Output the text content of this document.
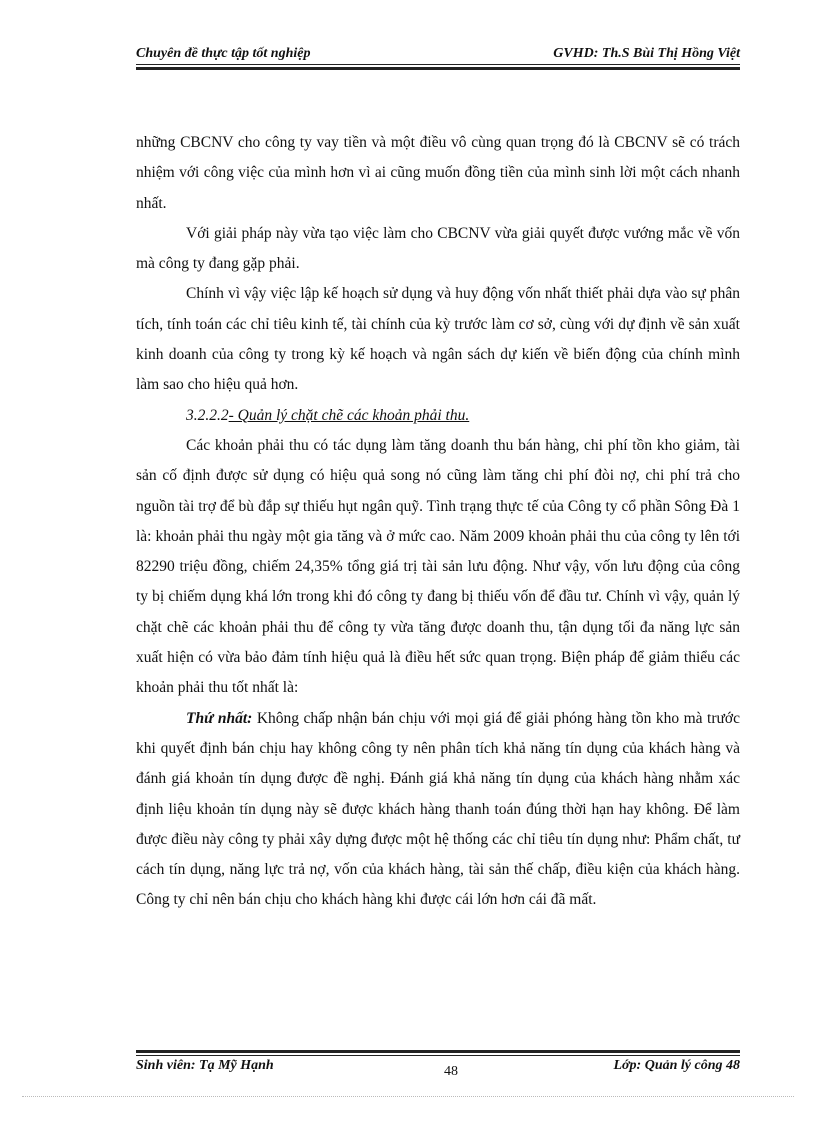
Chuyên đề thực tập tốt nghiệp	GVHD: Th.S Bùi Thị Hồng Việt

những CBCNV cho công ty vay tiền và một điều vô cùng quan trọng đó là CBCNV sẽ có trách nhiệm với công việc của mình hơn vì ai cũng muốn đồng tiền của mình sinh lời một cách nhanh nhất.

Với giải pháp này vừa tạo việc làm cho CBCNV vừa giải quyết được vướng mắc về vốn mà công ty đang gặp phải.

Chính vì vậy việc lập kế hoạch sử dụng và huy động vốn nhất thiết phải dựa vào sự phân tích, tính toán các chỉ tiêu kinh tế, tài chính của kỳ trước làm cơ sở, cùng với dự định về sản xuất kinh doanh của công ty trong kỳ kế hoạch và ngân sách dự kiến về biến động của chính mình làm sao cho hiệu quả hơn.

3.2.2.2- Quản lý chặt chẽ các khoản phải thu.

Các khoản phải thu có tác dụng làm tăng doanh thu bán hàng, chi phí tồn kho giảm, tài sản cố định được sử dụng có hiệu quả song nó cũng làm tăng chi phí đòi nợ, chi phí trả cho nguồn tài trợ để bù đắp sự thiếu hụt ngân quỹ. Tình trạng thực tế của Công ty cổ phần Sông Đà 1 là: khoản phải thu ngày một gia tăng và ở mức cao. Năm 2009 khoản phải thu của công ty lên tới 82290 triệu đồng, chiếm 24,35% tổng giá trị tài sản lưu động. Như vậy, vốn lưu động của công ty bị chiếm dụng khá lớn trong khi đó công ty đang bị thiếu vốn để đầu tư. Chính vì vậy, quản lý chặt chẽ các khoản phải thu để công ty vừa tăng được doanh thu, tận dụng tối đa năng lực sản xuất hiện có vừa bảo đảm tính hiệu quả là điều hết sức quan trọng. Biện pháp để giảm thiểu các khoản phải thu tốt nhất là:

Thứ nhất: Không chấp nhận bán chịu với mọi giá để giải phóng hàng tồn kho mà trước khi quyết định bán chịu hay không công ty nên phân tích khả năng tín dụng của khách hàng và đánh giá khoản tín dụng được đề nghị. Đánh giá khả năng tín dụng của khách hàng nhằm xác định liệu khoản tín dụng này sẽ được khách hàng thanh toán đúng thời hạn hay không. Để làm được điều này công ty phải xây dựng được một hệ thống các chỉ tiêu tín dụng như: Phẩm chất, tư cách tín dụng, năng lực trả nợ, vốn của khách hàng, tài sản thế chấp, điều kiện của khách hàng. Công ty chỉ nên bán chịu cho khách hàng khi được cái lớn hơn cái đã mất.

Sinh viên: Tạ Mỹ Hạnh	48	Lớp: Quản lý công 48
